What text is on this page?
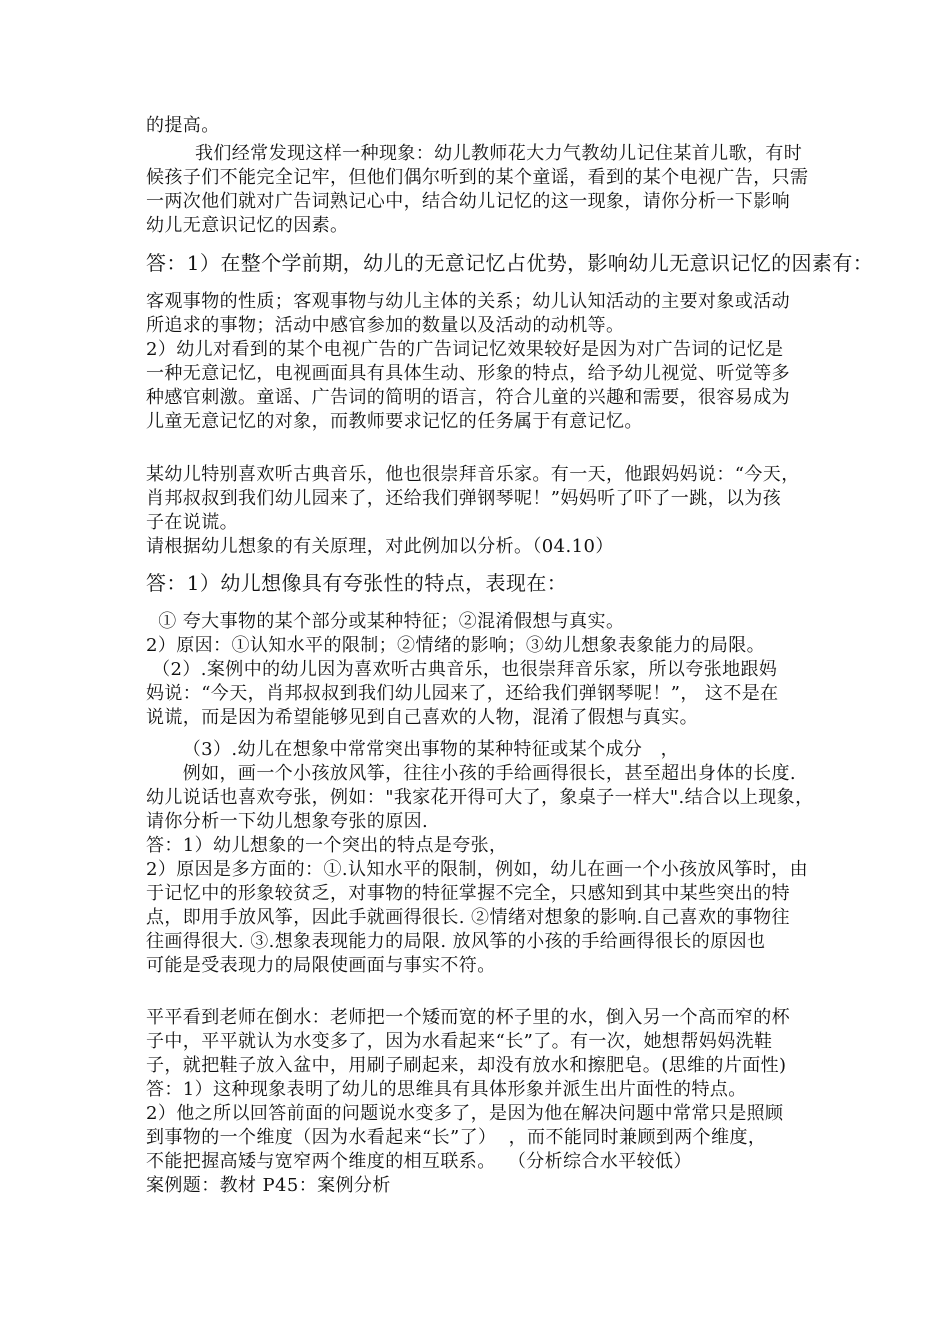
的提高。
我们经常发现这样一种现象：幼儿教师花大力气教幼儿记住某首儿歌，有时
候孩子们不能完全记牢，但他们偶尔听到的某个童谣，看到的某个电视广告，只需
一两次他们就对广告词熟记心中，结合幼儿记忆的这一现象，请你分析一下影响
幼儿无意识记忆的因素。
答：1）在整个学前期，幼儿的无意记忆占优势，影响幼儿无意识记忆的因素有：
客观事物的性质；客观事物与幼儿主体的关系；幼儿认知活动的主要对象或活动
所追求的事物；活动中感官参加的数量以及活动的动机等。
2）幼儿对看到的某个电视广告的广告词记忆效果较好是因为对广告词的记忆是
一种无意记忆，电视画面具有具体生动、形象的特点，给予幼儿视觉、听觉等多
种感官刺激。童谣、广告词的简明的语言，符合儿童的兴趣和需要，很容易成为
儿童无意记忆的对象，而教师要求记忆的任务属于有意记忆。
某幼儿特别喜欢听古典音乐，他也很崇拜音乐家。有一天，他跟妈妈说：“今天，
肖邦叔叔到我们幼儿园来了，还给我们弹钢琴呢！”妈妈听了吓了一跳，以为孩
子在说谎。
请根据幼儿想象的有关原理，对此例加以分析。（04.10）
答：1）幼儿想像具有夸张性的特点，表现在：
① 夸大事物的某个部分或某种特征；②混淆假想与真实。
2）原因：①认知水平的限制；②情绪的影响；③幼儿想象表象能力的局限。
（2）.案例中的幼儿因为喜欢听古典音乐，也很崇拜音乐家，所以夸张地跟妈
妈说：“今天，肖邦叔叔到我们幼儿园来了，还给我们弹钢琴呢！”， 这不是在
说谎，而是因为希望能够见到自己喜欢的人物，混淆了假想与真实。
（3）.幼儿在想象中常常突出事物的某种特征或某个成分   ，
例如，画一个小孩放风筝，往往小孩的手给画得很长，甚至超出身体的长度.
幼儿说话也喜欢夸张，例如："我家花开得可大了，象桌子一样大".结合以上现象，
请你分析一下幼儿想象夸张的原因.
答：1）幼儿想象的一个突出的特点是夸张，
2）原因是多方面的：①.认知水平的限制，例如，幼儿在画一个小孩放风筝时，由
于记忆中的形象较贫乏，对事物的特征掌握不完全，只感知到其中某些突出的特
点，即用手放风筝，因此手就画得很长. ②情绪对想象的影响.自己喜欢的事物往
往画得很大. ③.想象表现能力的局限. 放风筝的小孩的手给画得很长的原因也
可能是受表现力的局限使画面与事实不符。
平平看到老师在倒水：老师把一个矮而宽的杯子里的水，倒入另一个高而窄的杯
子中，平平就认为水变多了，因为水看起来“长”了。有一次，她想帮妈妈洗鞋
子，就把鞋子放入盆中，用刷子刷起来，却没有放水和擦肥皂。(思维的片面性)
答：1）这种现象表明了幼儿的思维具有具体形象并派生出片面性的特点。
2）他之所以回答前面的问题说水变多了，是因为他在解决问题中常常只是照顾
到事物的一个维度（因为水看起来“长”了）  ，而不能同时兼顾到两个维度，
不能把握高矮与宽窄两个维度的相互联系。  （分析综合水平较低）
案例题：教材 P45：案例分析
